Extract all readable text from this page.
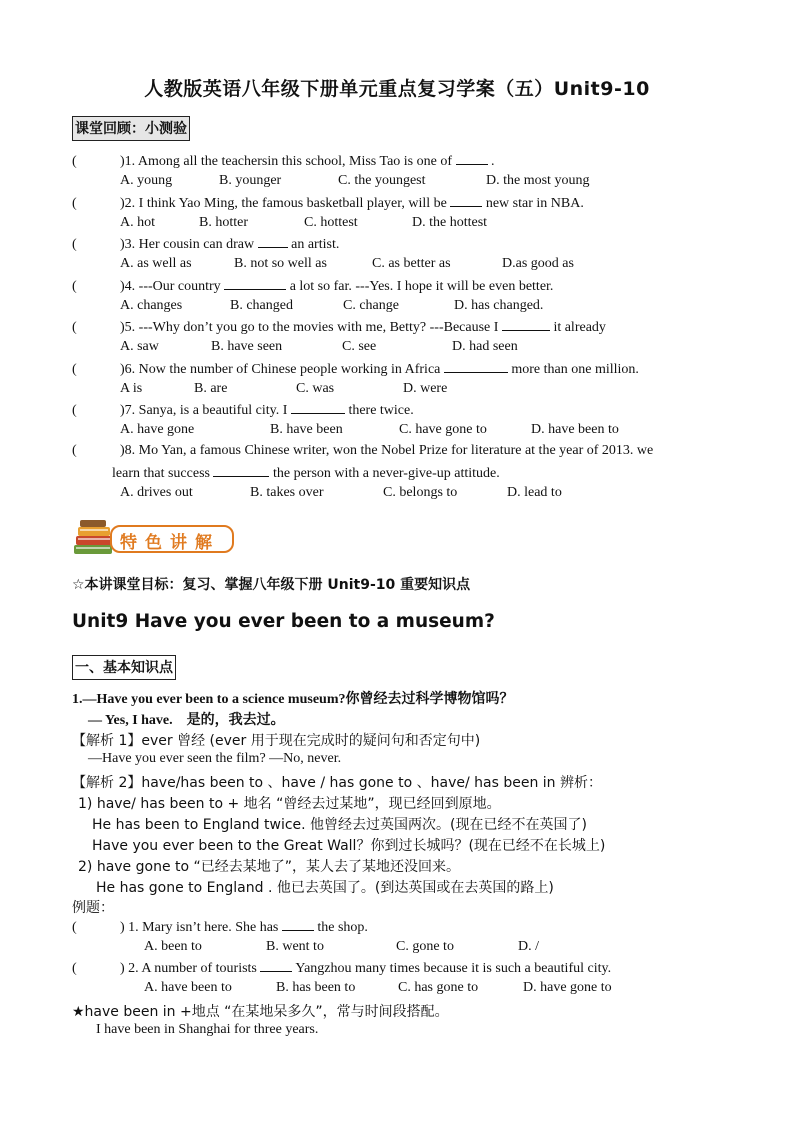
人教版英语八年级下册单元重点复习学案（五）Unit9-10
课堂回顾：小测验
(	)1. Among all the teachersin this school, Miss Tao is one of	.
A. young	B. younger	C. the youngest	D. the most young
(	)2. I think Yao Ming, the famous basketball player, will be	new star in NBA.
A. hot	B. hotter	C. hottest	D. the hottest
(	)3. Her cousin can draw	an artist.
A. as well as	B. not so well as	C. as better as	D.as good as
(	)4. ---Our country	a lot so far. ---Yes. I hope it will be even better.
A. changes	B. changed	C. change	D. has changed.
(	)5. ---Why don’t you go to the movies with me, Betty? ---Because I	it already
A. saw	B. have seen	C. see	D. had seen
(	)6. Now the number of Chinese people working in Africa	more than one million.
A is	B. are	C. was	D. were
(	)7. Sanya, is a beautiful city. I	there twice.
A. have gone	B. have been	C. have gone to	D. have been to
(	)8. Mo Yan, a famous Chinese writer, won the Nobel Prize for literature at the year of 2013. we
learn that success	the person with a never-give-up attitude.
A. drives out	B. takes over	C. belongs to	D. lead to
特色讲解
☆本讲课堂目标：复习、掌握八年级下册 Unit9-10 重要知识点
Unit9 Have you ever been to a museum?
一、基本知识点
1.—Have you ever been to a science museum?你曾经去过科学博物馆吗？
— Yes, I have. 是的，我去过。
【解析 1】ever 曾经 (ever 用于现在完成时的疑问句和否定句中)
—Have you ever seen the film? —No, never.
【解析 2】have/has been to 、have / has gone to 、have/ has been in 辨析：
1) have/ has been to + 地名 “曾经去过某地”，现已经回到原地。
He has been to England twice. 他曾经去过英国两次。(现在已经不在英国了)
Have you ever been to the Great Wall？你到过长城吗？(现在已经不在长城上)
2) have gone to “已经去某地了”，某人去了某地还没回来。
He has gone to England . 他已去英国了。(到达英国或在去英国的路上)
例题：
(	) 1. Mary isn’t here. She has	the shop.
A. been to	B. went to	C. gone to	D. /
(	) 2. A number of tourists	Yangzhou many times because it is such a beautiful city.
A. have been to	B. has been to	C. has gone to	D. have gone to
★have been in +地点 “在某地呆多久”，常与时间段搭配。
I have been in Shanghai for three years.
